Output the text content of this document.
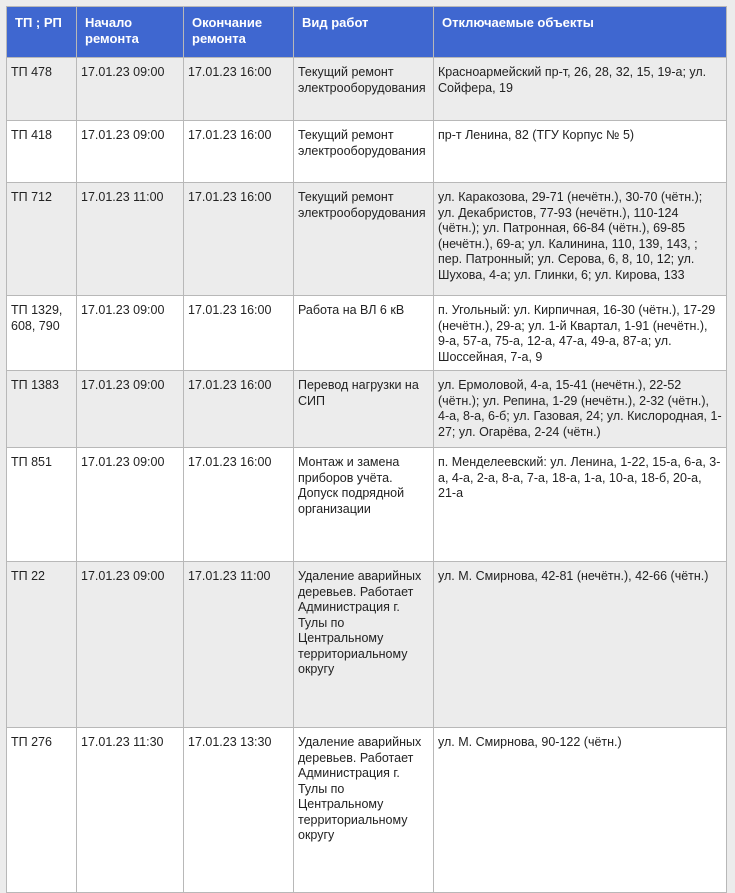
ТП ; РП	Начало ремонта	Окончание ремонта	Вид работ	Отключаемые объекты
ТП 478	17.01.23 09:00	17.01.23 16:00	Текущий ремонт электрооборудования	Красноармейский пр-т, 26, 28, 32, 15, 19-а; ул. Сойфера, 19
ТП 418	17.01.23 09:00	17.01.23 16:00	Текущий ремонт электрооборудования	пр-т Ленина, 82 (ТГУ Корпус № 5)
ТП 712	17.01.23 11:00	17.01.23 16:00	Текущий ремонт электрооборудования	ул. Каракозова, 29-71 (нечётн.), 30-70 (чётн.); ул. Декабристов, 77-93 (нечётн.), 110-124 (чётн.); ул. Патронная, 66-84 (чётн.), 69-85 (нечётн.), 69-а; ул. Калинина, 110, 139, 143, ; пер. Патронный; ул. Серова, 6, 8, 10, 12; ул. Шухова, 4-а; ул. Глинки, 6; ул. Кирова, 133
ТП 1329, 608, 790	17.01.23 09:00	17.01.23 16:00	Работа на ВЛ 6 кВ	п. Угольный: ул. Кирпичная, 16-30 (чётн.), 17-29 (нечётн.), 29-а; ул. 1-й Квартал, 1-91 (нечётн.), 9-а, 57-а, 75-а, 12-а, 47-а, 49-а, 87-а; ул. Шоссейная, 7-а, 9
ТП 1383	17.01.23 09:00	17.01.23 16:00	Перевод нагрузки на СИП	ул. Ермоловой, 4-а, 15-41 (нечётн.), 22-52 (чётн.); ул. Репина, 1-29 (нечётн.), 2-32 (чётн.), 4-а, 8-а, 6-б; ул. Газовая, 24; ул. Кислородная, 1-27; ул. Огарёва, 2-24 (чётн.)
ТП 851	17.01.23 09:00	17.01.23 16:00	Монтаж и замена приборов учёта. Допуск подрядной организации	п. Менделеевский: ул. Ленина, 1-22, 15-а, 6-а, 3-а, 4-а, 2-а, 8-а, 7-а, 18-а, 1-а, 10-а, 18-б, 20-а, 21-а
ТП 22	17.01.23 09:00	17.01.23 11:00	Удаление аварийных деревьев. Работает Администрация г. Тулы по Центральному территориальному округу	ул. М. Смирнова, 42-81 (нечётн.), 42-66 (чётн.)
ТП 276	17.01.23 11:30	17.01.23 13:30	Удаление аварийных деревьев. Работает Администрация г. Тулы по Центральному территориальному округу	ул. М. Смирнова, 90-122 (чётн.)
